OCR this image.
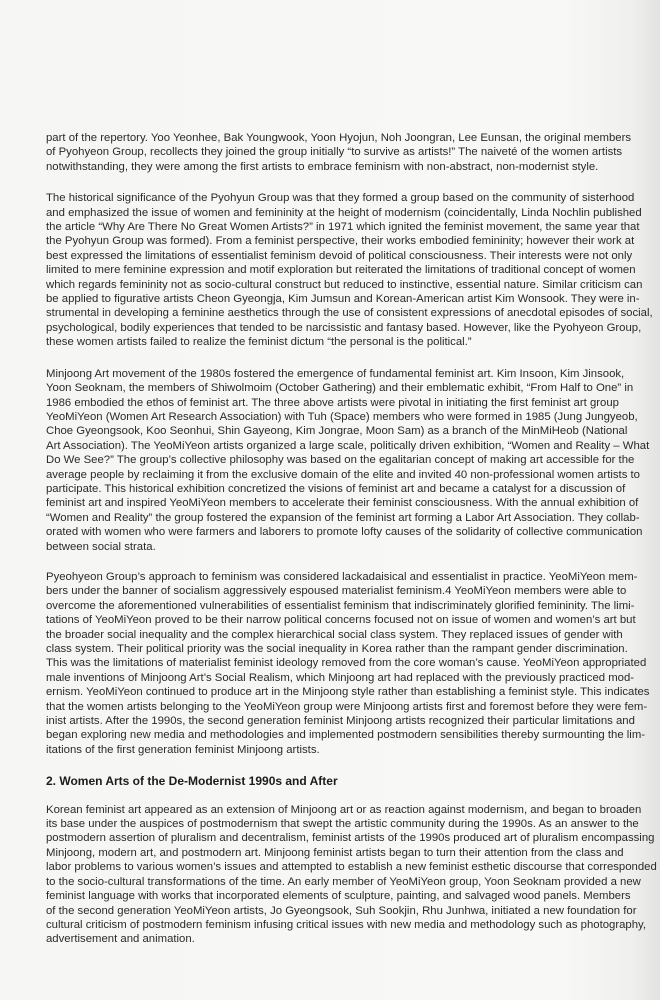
part of the repertory. Yoo Yeonhee, Bak Youngwook, Yoon Hyojun, Noh Joongran, Lee Eunsan, the original members
of Pyohyeon Group, recollects they joined the group initially “to survive as artists!” The naiveté of the women artists
notwithstanding, they were among the first artists to embrace feminism with non-abstract, non-modernist style.
The historical significance of the Pyohyun Group was that they formed a group based on the community of sisterhood
and emphasized the issue of women and femininity at the height of modernism (coincidentally, Linda Nochlin published
the article “Why Are There No Great Women Artists?” in 1971 which ignited the feminist movement, the same year that
the Pyohyun Group was formed). From a feminist perspective, their works embodied femininity; however their work at
best expressed the limitations of essentialist feminism devoid of political consciousness. Their interests were not only
limited to mere feminine expression and motif exploration but reiterated the limitations of traditional concept of women
which regards femininity not as socio-cultural construct but reduced to instinctive, essential nature. Similar criticism can
be applied to figurative artists Cheon Gyeongja, Kim Jumsun and Korean-American artist Kim Wonsook. They were in-
strumental in developing a feminine aesthetics through the use of consistent expressions of anecdotal episodes of social,
psychological, bodily experiences that tended to be narcissistic and fantasy based. However, like the Pyohyeon Group,
these women artists failed to realize the feminist dictum “the personal is the political.”
Minjoong Art movement of the 1980s fostered the emergence of fundamental feminist art. Kim Insoon, Kim Jinsook,
Yoon Seoknam, the members of Shiwolmoim (October Gathering) and their emblematic exhibit, “From Half to One” in
1986 embodied the ethos of feminist art. The three above artists were pivotal in initiating the first feminist art group
YeoMiYeon (Women Art Research Association) with Tuh (Space) members who were formed in 1985 (Jung Jungyeob,
Choe Gyeongsook, Koo Seonhui, Shin Gayeong, Kim Jongrae, Moon Sam) as a branch of the MinMiHeob (National
Art Association). The YeoMiYeon artists organized a large scale, politically driven exhibition, “Women and Reality – What
Do We See?” The group’s collective philosophy was based on the egalitarian concept of making art accessible for the
average people by reclaiming it from the exclusive domain of the elite and invited 40 non-professional women artists to
participate. This historical exhibition concretized the visions of feminist art and became a catalyst for a discussion of
feminist art and inspired YeoMiYeon members to accelerate their feminist consciousness. With the annual exhibition of
“Women and Reality” the group fostered the expansion of the feminist art forming a Labor Art Association. They collab-
orated with women who were farmers and laborers to promote lofty causes of the solidarity of collective communication
between social strata.
Pyeohyeon Group’s approach to feminism was considered lackadaisical and essentialist in practice. YeoMiYeon mem-
bers under the banner of socialism aggressively espoused materialist feminism.4 YeoMiYeon members were able to
overcome the aforementioned vulnerabilities of essentialist feminism that indiscriminately glorified femininity. The limi-
tations of YeoMiYeon proved to be their narrow political concerns focused not on issue of women and women’s art but
the broader social inequality and the complex hierarchical social class system. They replaced issues of gender with
class system. Their political priority was the social inequality in Korea rather than the rampant gender discrimination.
This was the limitations of materialist feminist ideology removed from the core woman’s cause. YeoMiYeon appropriated
male inventions of Minjoong Art’s Social Realism, which Minjoong art had replaced with the previously practiced mod-
ernism. YeoMiYeon continued to produce art in the Minjoong style rather than establishing a feminist style. This indicates
that the women artists belonging to the YeoMiYeon group were Minjoong artists first and foremost before they were fem-
inist artists. After the 1990s, the second generation feminist Minjoong artists recognized their particular limitations and
began exploring new media and methodologies and implemented postmodern sensibilities thereby surmounting the lim-
itations of the first generation feminist Minjoong artists.
2. Women Arts of the De-Modernist 1990s and After
Korean feminist art appeared as an extension of Minjoong art or as reaction against modernism, and began to broaden
its base under the auspices of postmodernism that swept the artistic community during the 1990s. As an answer to the
postmodern assertion of pluralism and decentralism, feminist artists of the 1990s produced art of pluralism encompassing
Minjoong, modern art, and postmodern art. Minjoong feminist artists began to turn their attention from the class and
labor problems to various women’s issues and attempted to establish a new feminist esthetic discourse that corresponded
to the socio-cultural transformations of the time. An early member of YeoMiYeon group, Yoon Seoknam provided a new
feminist language with works that incorporated elements of sculpture, painting, and salvaged wood panels. Members
of the second generation YeoMiYeon artists, Jo Gyeongsook, Suh Sookjin, Rhu Junhwa, initiated a new foundation for
cultural criticism of postmodern feminism infusing critical issues with new media and methodology such as photography,
advertisement and animation.
